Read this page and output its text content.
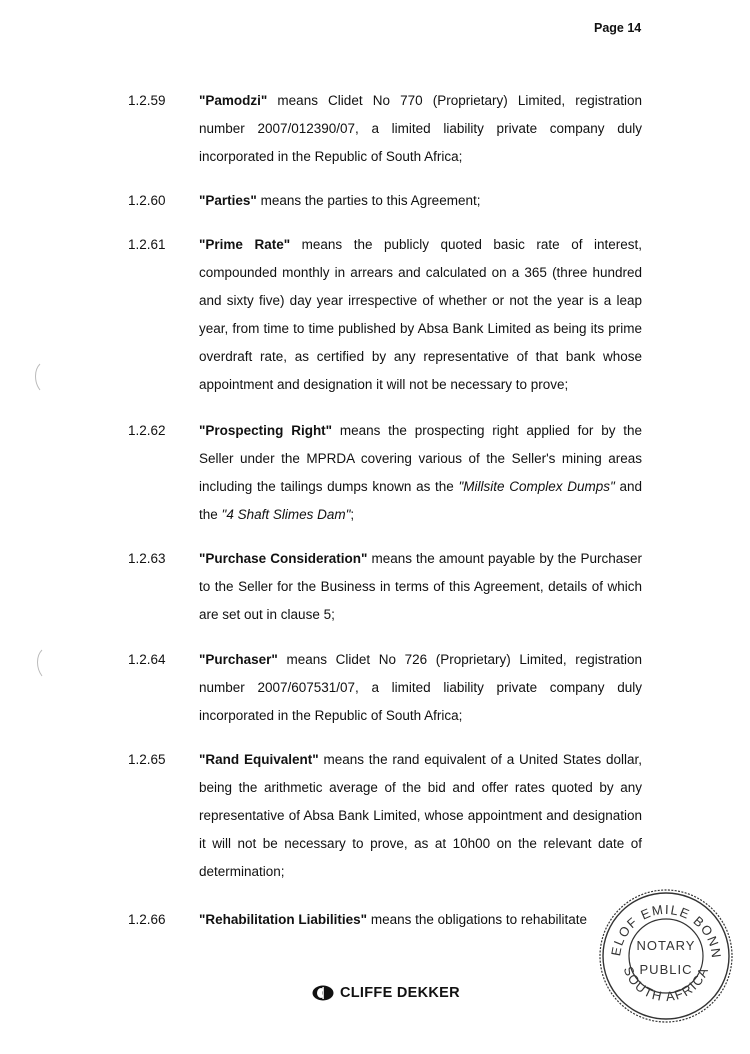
Page 14
1.2.59 "Pamodzi" means Clidet No 770 (Proprietary) Limited, registration number 2007/012390/07, a limited liability private company duly incorporated in the Republic of South Africa;
1.2.60 "Parties" means the parties to this Agreement;
1.2.61 "Prime Rate" means the publicly quoted basic rate of interest, compounded monthly in arrears and calculated on a 365 (three hundred and sixty five) day year irrespective of whether or not the year is a leap year, from time to time published by Absa Bank Limited as being its prime overdraft rate, as certified by any representative of that bank whose appointment and designation it will not be necessary to prove;
1.2.62 "Prospecting Right" means the prospecting right applied for by the Seller under the MPRDA covering various of the Seller's mining areas including the tailings dumps known as the "Millsite Complex Dumps" and the "4 Shaft Slimes Dam";
1.2.63 "Purchase Consideration" means the amount payable by the Purchaser to the Seller for the Business in terms of this Agreement, details of which are set out in clause 5;
1.2.64 "Purchaser" means Clidet No 726 (Proprietary) Limited, registration number 2007/607531/07, a limited liability private company duly incorporated in the Republic of South Africa;
1.2.65 "Rand Equivalent" means the rand equivalent of a United States dollar, being the arithmetic average of the bid and offer rates quoted by any representative of Absa Bank Limited, whose appointment and designation it will not be necessary to prove, as at 10h00 on the relevant date of determination;
1.2.66 "Rehabilitation Liabilities" means the obligations to rehabilitate
CLIFFE DEKKER
ELOF EMILE BONN
SOUTH AFRICA
NOTARY
PUBLIC
